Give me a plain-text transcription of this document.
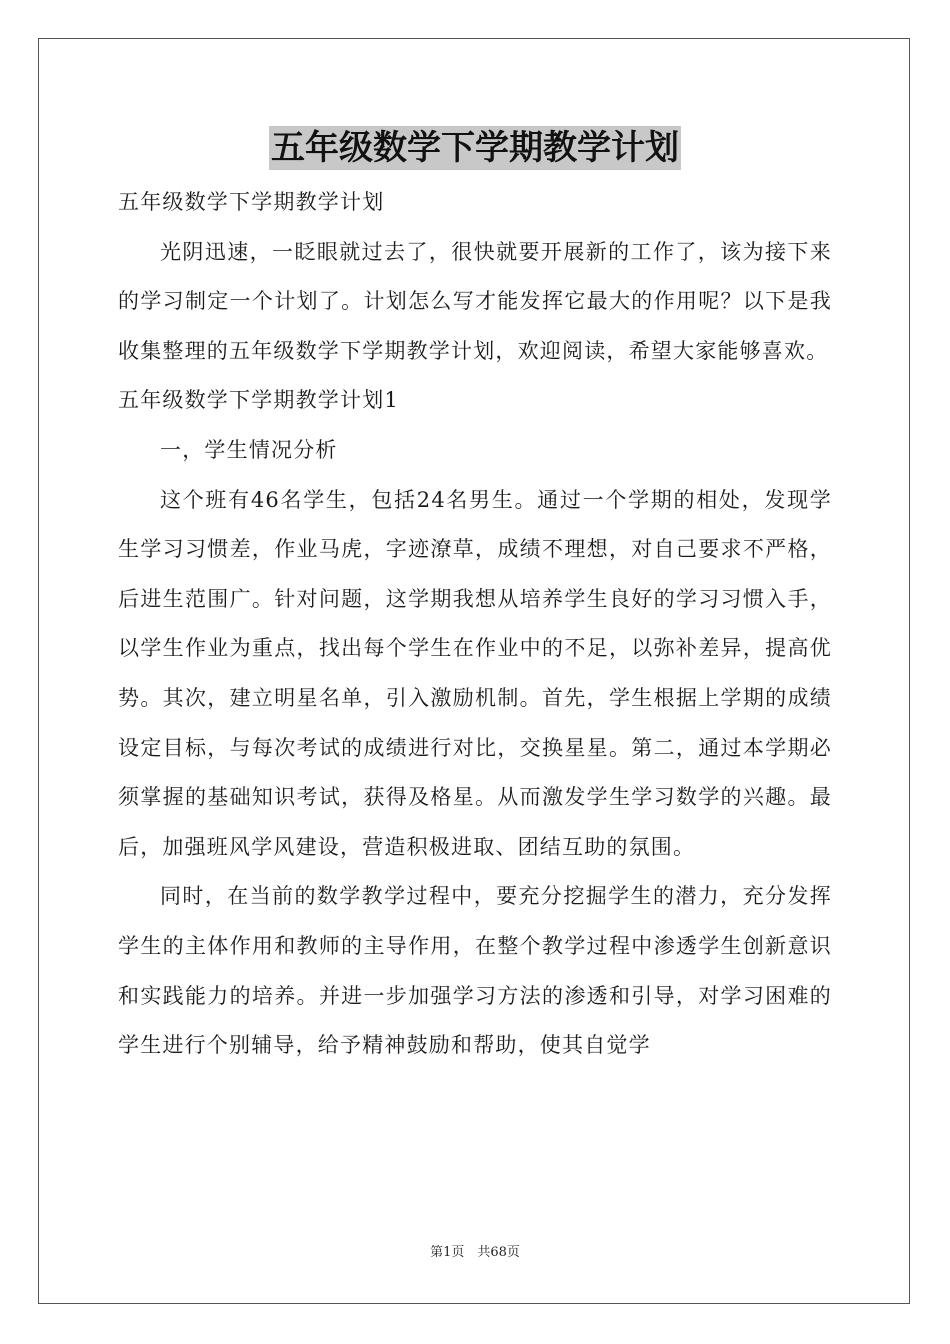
五年级数学下学期教学计划

五年级数学下学期教学计划

光阴迅速，一眨眼就过去了，很快就要开展新的工作了，该为接下来的学习制定一个计划了。计划怎么写才能发挥它最大的作用呢？以下是我收集整理的五年级数学下学期教学计划，欢迎阅读，希望大家能够喜欢。

五年级数学下学期教学计划1

一，学生情况分析

这个班有46名学生，包括24名男生。通过一个学期的相处，发现学生学习习惯差，作业马虎，字迹潦草，成绩不理想，对自己要求不严格，后进生范围广。针对问题，这学期我想从培养学生良好的学习习惯入手，以学生作业为重点，找出每个学生在作业中的不足，以弥补差异，提高优势。其次，建立明星名单，引入激励机制。首先，学生根据上学期的成绩设定目标，与每次考试的成绩进行对比，交换星星。第二，通过本学期必须掌握的基础知识考试，获得及格星。从而激发学生学习数学的兴趣。最后，加强班风学风建设，营造积极进取、团结互助的氛围。

同时，在当前的数学教学过程中，要充分挖掘学生的潜力，充分发挥学生的主体作用和教师的主导作用，在整个教学过程中渗透学生创新意识和实践能力的培养。并进一步加强学习方法的渗透和引导，对学习困难的学生进行个别辅导，给予精神鼓励和帮助，使其自觉学

第1页　共68页
